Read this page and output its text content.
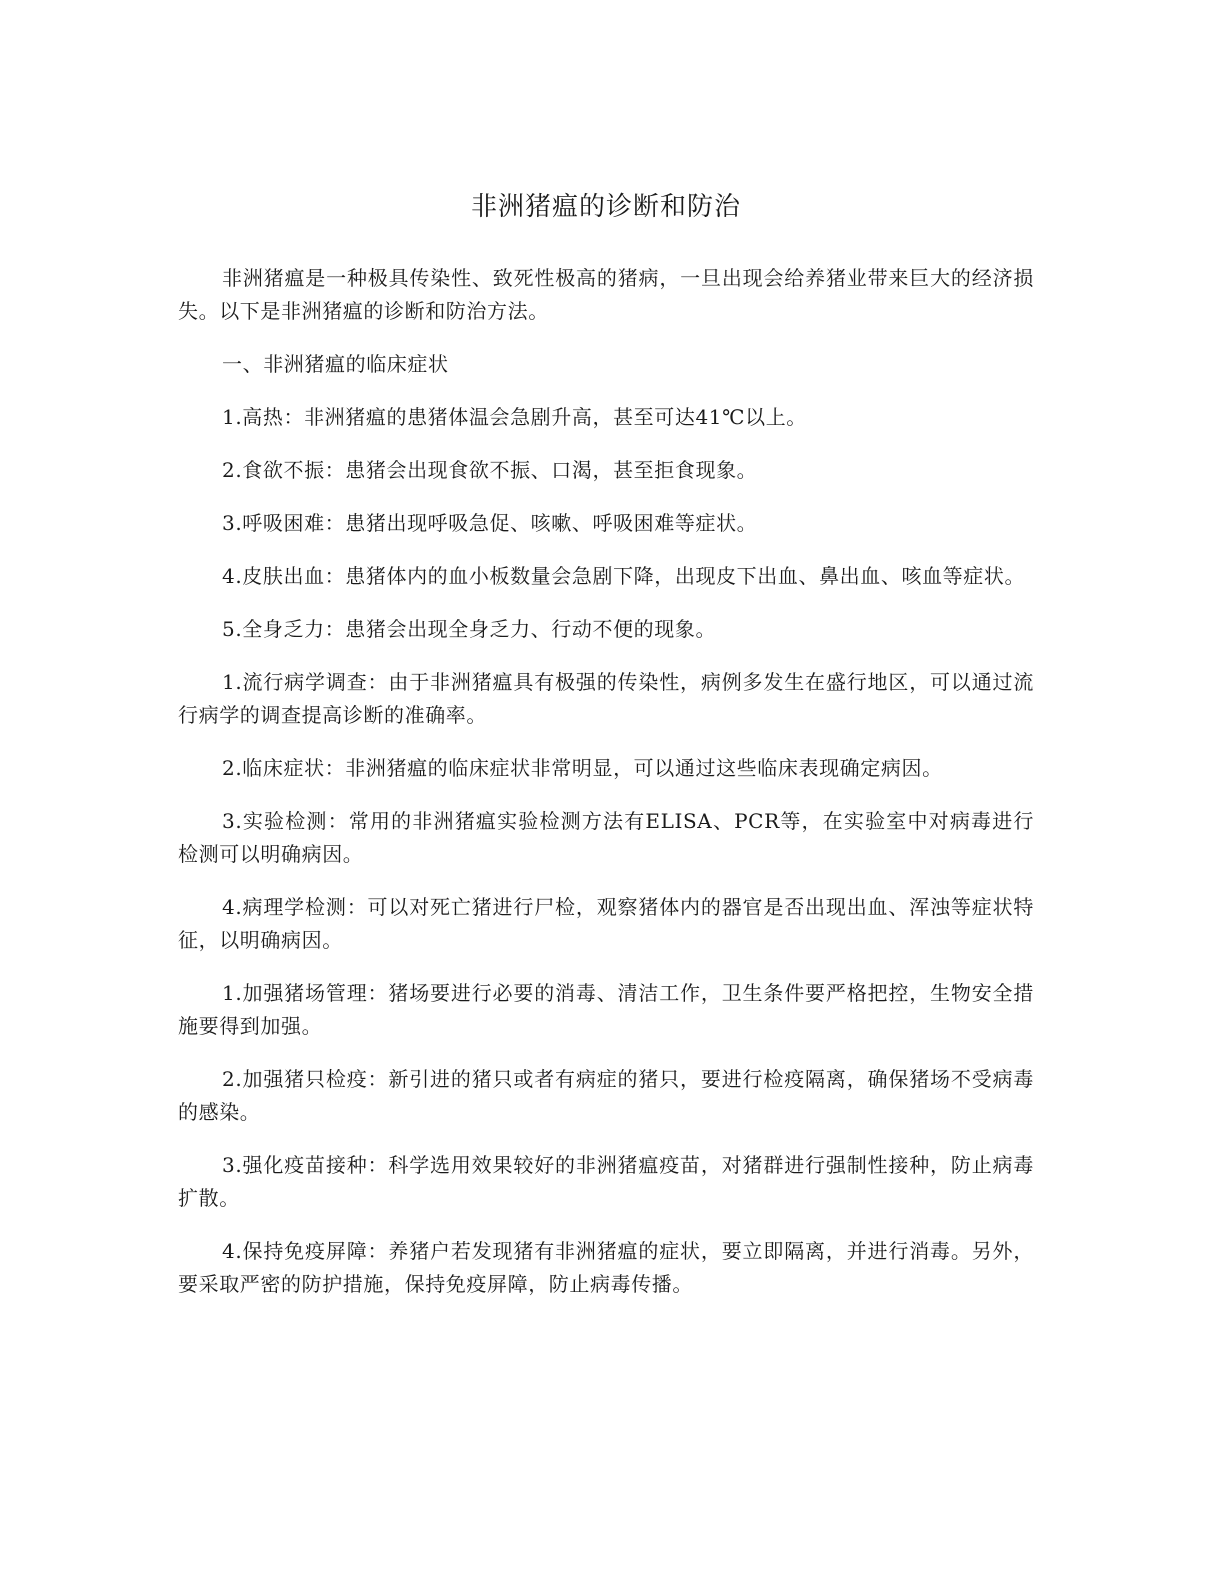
非洲猪瘟的诊断和防治

非洲猪瘟是一种极具传染性、致死性极高的猪病，一旦出现会给养猪业带来巨大的经济损失。以下是非洲猪瘟的诊断和防治方法。

一、非洲猪瘟的临床症状

1.高热：非洲猪瘟的患猪体温会急剧升高，甚至可达41℃以上。

2.食欲不振：患猪会出现食欲不振、口渴，甚至拒食现象。

3.呼吸困难：患猪出现呼吸急促、咳嗽、呼吸困难等症状。

4.皮肤出血：患猪体内的血小板数量会急剧下降，出现皮下出血、鼻出血、咳血等症状。

5.全身乏力：患猪会出现全身乏力、行动不便的现象。

1.流行病学调查：由于非洲猪瘟具有极强的传染性，病例多发生在盛行地区，可以通过流行病学的调查提高诊断的准确率。

2.临床症状：非洲猪瘟的临床症状非常明显，可以通过这些临床表现确定病因。

3.实验检测：常用的非洲猪瘟实验检测方法有ELISA、PCR等，在实验室中对病毒进行检测可以明确病因。

4.病理学检测：可以对死亡猪进行尸检，观察猪体内的器官是否出现出血、浑浊等症状特征，以明确病因。

1.加强猪场管理：猪场要进行必要的消毒、清洁工作，卫生条件要严格把控，生物安全措施要得到加强。

2.加强猪只检疫：新引进的猪只或者有病症的猪只，要进行检疫隔离，确保猪场不受病毒的感染。

3.强化疫苗接种：科学选用效果较好的非洲猪瘟疫苗，对猪群进行强制性接种，防止病毒扩散。

4.保持免疫屏障：养猪户若发现猪有非洲猪瘟的症状，要立即隔离，并进行消毒。另外，要采取严密的防护措施，保持免疫屏障，防止病毒传播。
